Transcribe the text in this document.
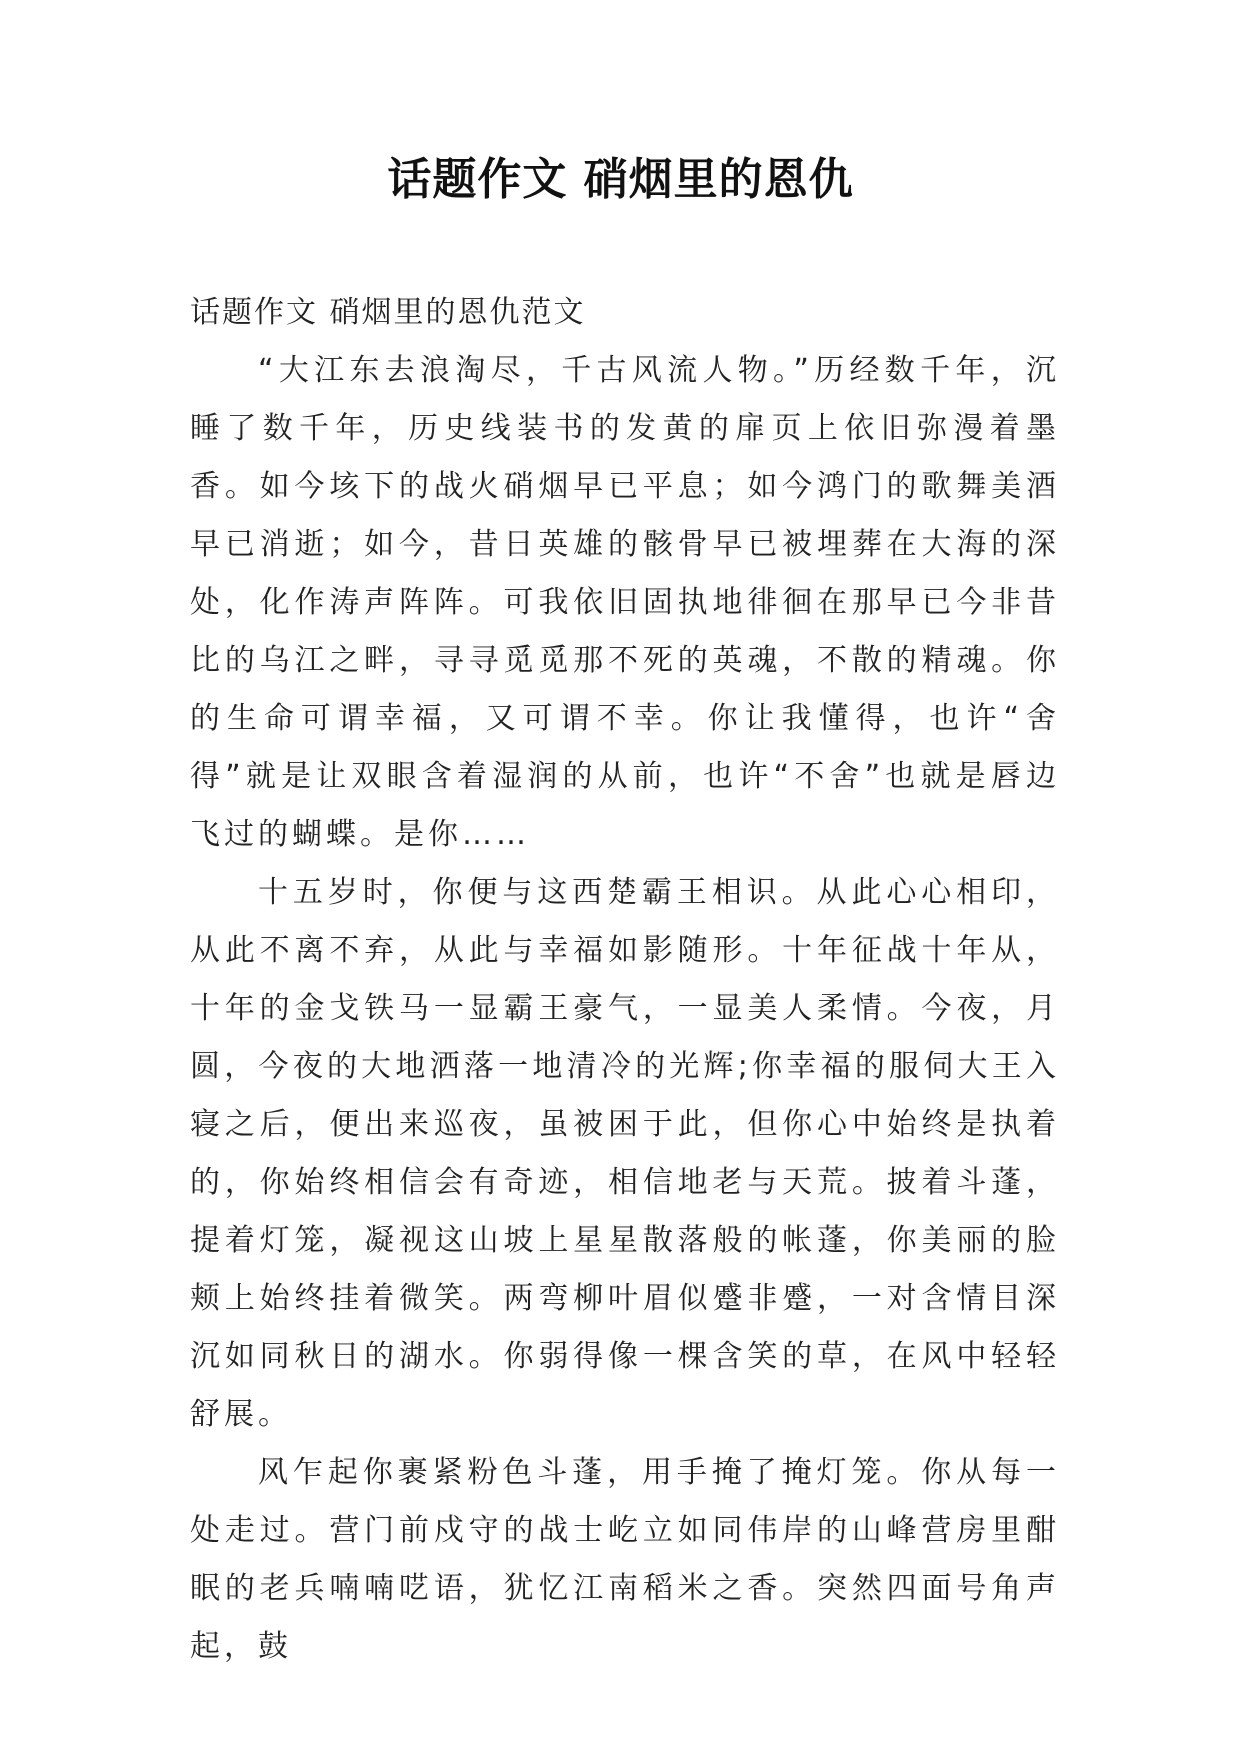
话题作文 硝烟里的恩仇

话题作文 硝烟里的恩仇范文

“大江东去浪淘尽，千古风流人物。”历经数千年，沉睡了数千年，历史线装书的发黄的扉页上依旧弥漫着墨香。如今垓下的战火硝烟早已平息；如今鸿门的歌舞美酒早已消逝；如今，昔日英雄的骸骨早已被埋葬在大海的深处，化作涛声阵阵。可我依旧固执地徘徊在那早已今非昔比的乌江之畔，寻寻觅觅那不死的英魂，不散的精魂。你的生命可谓幸福，又可谓不幸。你让我懂得，也许“舍得”就是让双眼含着湿润的从前，也许“不舍”也就是唇边飞过的蝴蝶。是你……

十五岁时，你便与这西楚霸王相识。从此心心相印，从此不离不弃，从此与幸福如影随形。十年征战十年从，十年的金戈铁马一显霸王豪气，一显美人柔情。今夜，月圆，今夜的大地洒落一地清冷的光辉;你幸福的服伺大王入寝之后，便出来巡夜，虽被困于此，但你心中始终是执着的，你始终相信会有奇迹，相信地老与天荒。披着斗蓬，提着灯笼，凝视这山坡上星星散落般的帐蓬，你美丽的脸颊上始终挂着微笑。两弯柳叶眉似蹙非蹙，一对含情目深沉如同秋日的湖水。你弱得像一棵含笑的草，在风中轻轻舒展。

风乍起你裹紧粉色斗蓬，用手掩了掩灯笼。你从每一处走过。营门前戍守的战士屹立如同伟岸的山峰营房里酣眠的老兵喃喃呓语，犹忆江南稻米之香。突然四面号角声起，鼓
